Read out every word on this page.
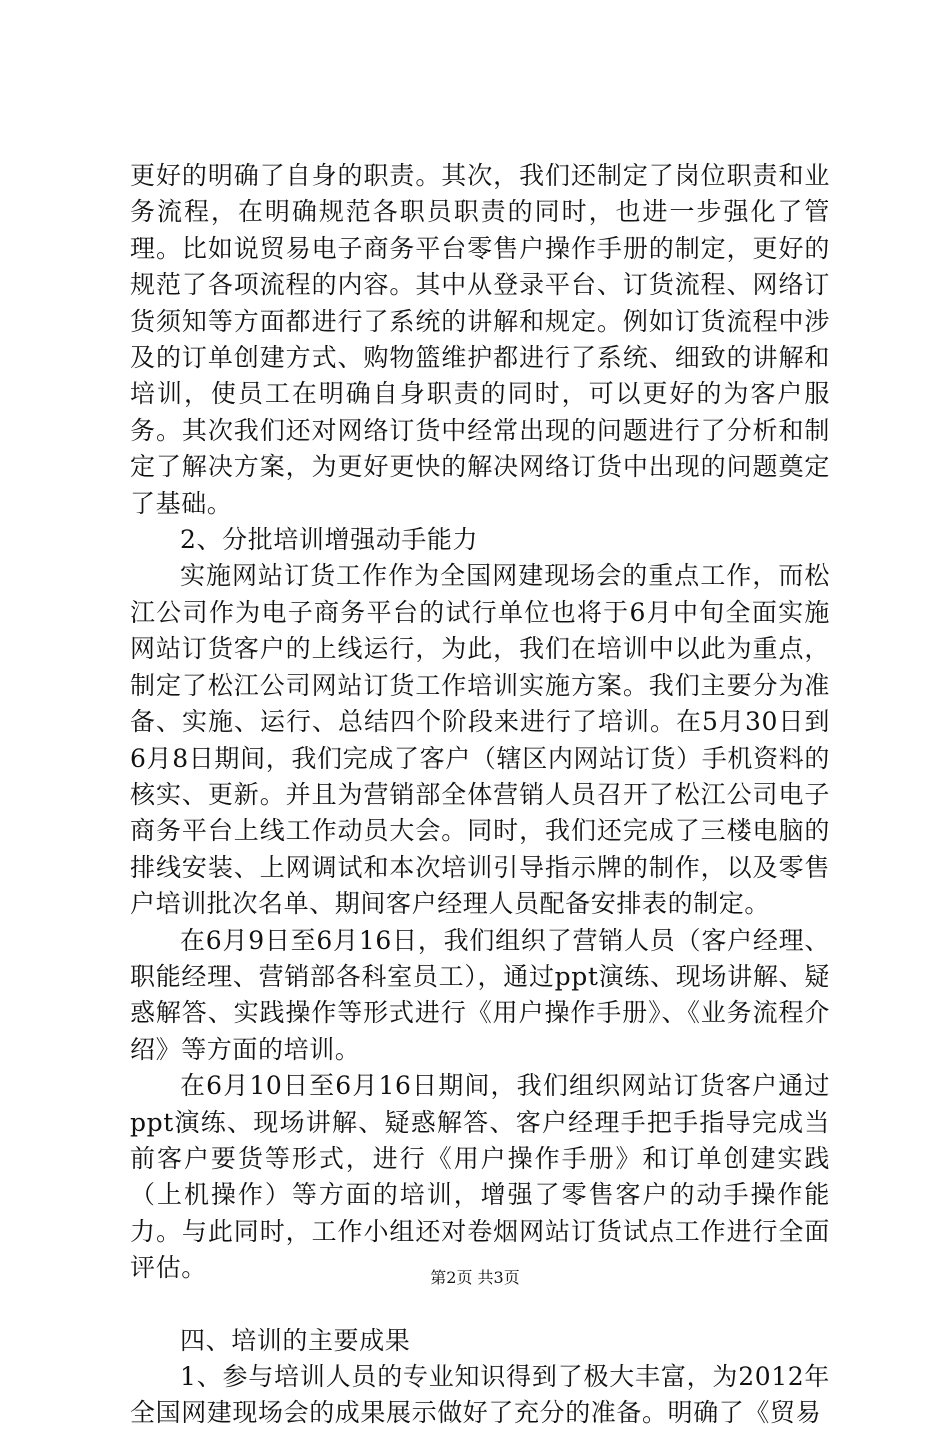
更好的明确了自身的职责。其次，我们还制定了岗位职责和业务流程，在明确规范各职员职责的同时，也进一步强化了管理。比如说贸易电子商务平台零售户操作手册的制定，更好的规范了各项流程的内容。其中从登录平台、订货流程、网络订货须知等方面都进行了系统的讲解和规定。例如订货流程中涉及的订单创建方式、购物篮维护都进行了系统、细致的讲解和培训，使员工在明确自身职责的同时，可以更好的为客户服务。其次我们还对网络订货中经常出现的问题进行了分析和制定了解决方案，为更好更快的解决网络订货中出现的问题奠定了基础。

2、分批培训增强动手能力

实施网站订货工作作为全国网建现场会的重点工作，而松江公司作为电子商务平台的试行单位也将于6月中旬全面实施网站订货客户的上线运行，为此，我们在培训中以此为重点，制定了松江公司网站订货工作培训实施方案。我们主要分为准备、实施、运行、总结四个阶段来进行了培训。在5月30日到6月8日期间，我们完成了客户（辖区内网站订货）手机资料的核实、更新。并且为营销部全体营销人员召开了松江公司电子商务平台上线工作动员大会。同时，我们还完成了三楼电脑的排线安装、上网调试和本次培训引导指示牌的制作，以及零售户培训批次名单、期间客户经理人员配备安排表的制定。

在6月9日至6月16日，我们组织了营销人员（客户经理、职能经理、营销部各科室员工），通过ppt演练、现场讲解、疑惑解答、实践操作等形式进行《用户操作手册》、《业务流程介绍》等方面的培训。

在6月10日至6月16日期间，我们组织网站订货客户通过ppt演练、现场讲解、疑惑解答、客户经理手把手指导完成当前客户要货等形式，进行《用户操作手册》和订单创建实践（上机操作）等方面的培训，增强了零售客户的动手操作能力。与此同时，工作小组还对卷烟网站订货试点工作进行全面评估。

四、培训的主要成果

1、参与培训人员的专业知识得到了极大丰富，为2012年全国网建现场会的成果展示做好了充分的准备。明确了《贸易

第2页 共3页
